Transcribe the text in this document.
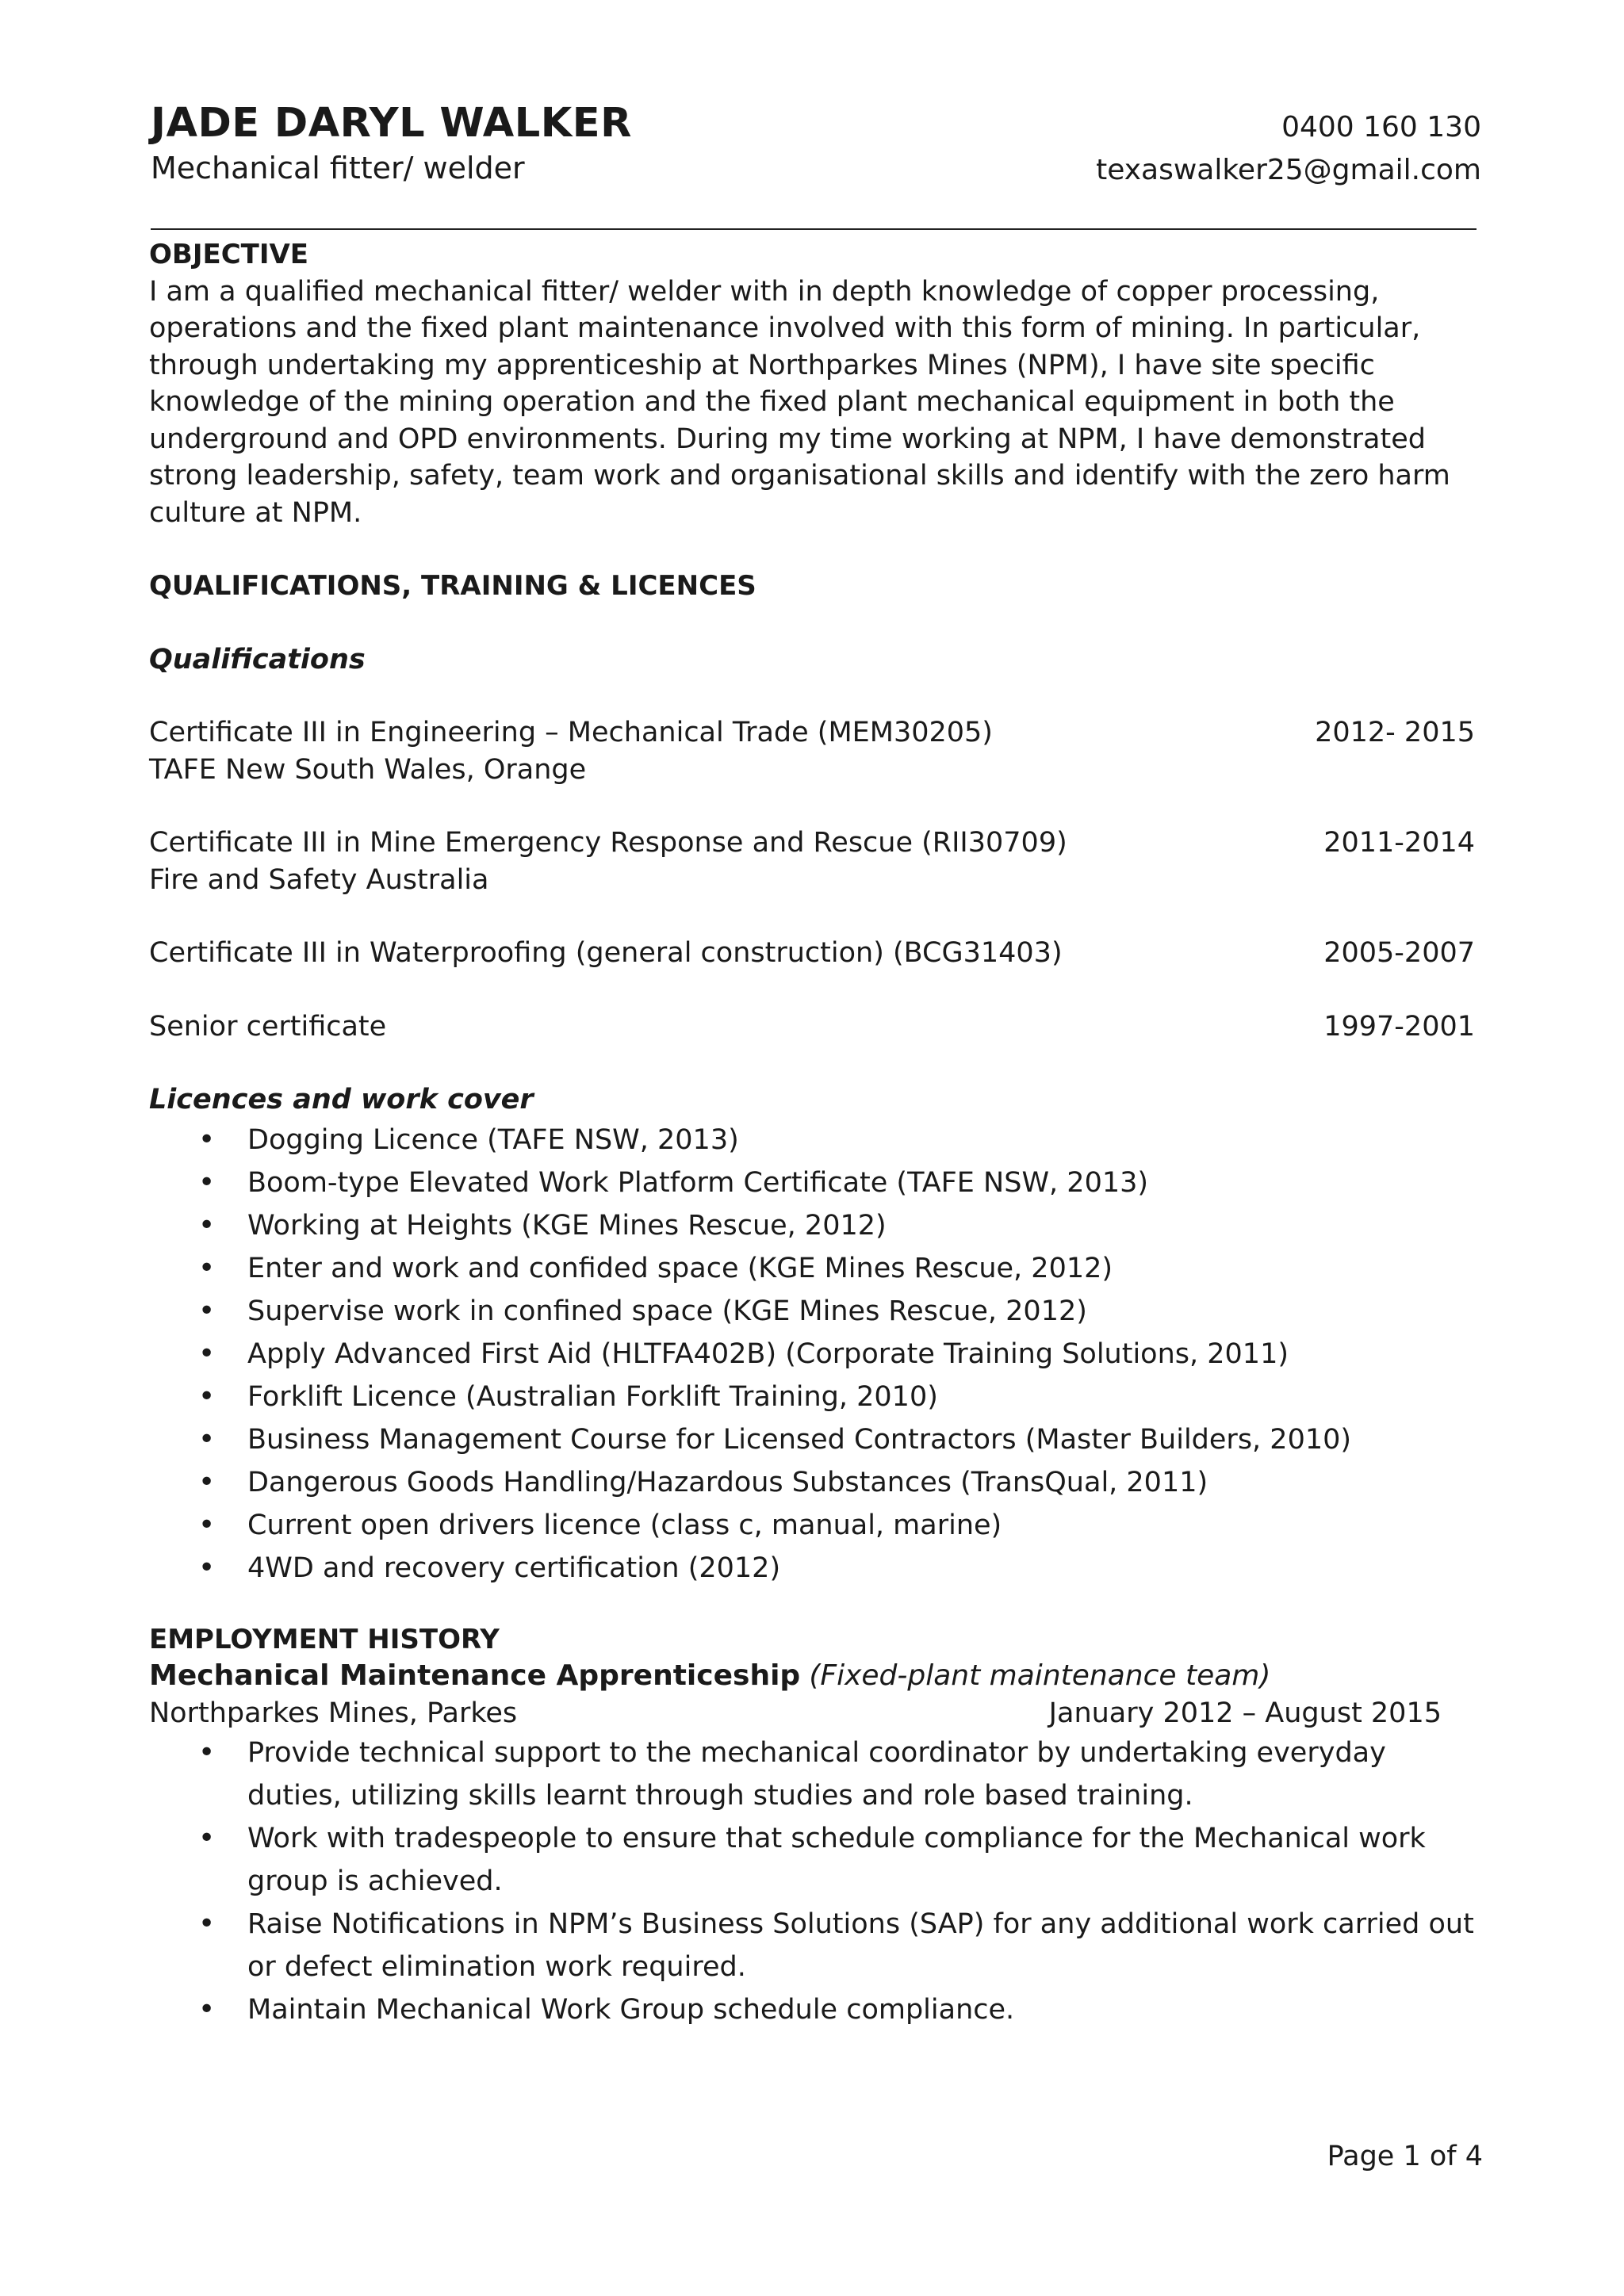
JADE DARYL WALKER
Mechanical fitter/ welder
0400 160 130
texaswalker25@gmail.com
OBJECTIVE

I am a qualified mechanical fitter/ welder with in depth knowledge of copper processing, operations and the fixed plant maintenance involved with this form of mining. In particular, through undertaking my apprenticeship at Northparkes Mines (NPM), I have site specific knowledge of the mining operation and the fixed plant mechanical equipment in both the underground and OPD environments. During my time working at NPM, I have demonstrated strong leadership, safety, team work and organisational skills and identify with the zero harm culture at NPM.

QUALIFICATIONS, TRAINING & LICENCES
Qualifications
Certificate III in Engineering – Mechanical Trade (MEM30205)	2012- 2015
TAFE New South Wales, Orange
Certificate III in Mine Emergency Response and Rescue (RII30709)	2011-2014
Fire and Safety Australia
Certificate III in Waterproofing (general construction) (BCG31403)	2005-2007
Senior certificate	1997-2001
Licences and work cover
• Dogging Licence (TAFE NSW, 2013)
• Boom-type Elevated Work Platform Certificate (TAFE NSW, 2013)
• Working at Heights (KGE Mines Rescue, 2012)
• Enter and work and confided space (KGE Mines Rescue, 2012)
• Supervise work in confined space (KGE Mines Rescue, 2012)
• Apply Advanced First Aid (HLTFA402B) (Corporate Training Solutions, 2011)
• Forklift Licence (Australian Forklift Training, 2010)
• Business Management Course for Licensed Contractors (Master Builders, 2010)
• Dangerous Goods Handling/Hazardous Substances (TransQual, 2011)
• Current open drivers licence (class c, manual, marine)
• 4WD and recovery certification (2012)
EMPLOYMENT HISTORY
Mechanical Maintenance Apprenticeship (Fixed-plant maintenance team)
Northparkes Mines, Parkes	January 2012 – August 2015
• Provide technical support to the mechanical coordinator by undertaking everyday duties, utilizing skills learnt through studies and role based training.
• Work with tradespeople to ensure that schedule compliance for the Mechanical work group is achieved.
• Raise Notifications in NPM’s Business Solutions (SAP) for any additional work carried out or defect elimination work required.
• Maintain Mechanical Work Group schedule compliance.
Page 1 of 4
